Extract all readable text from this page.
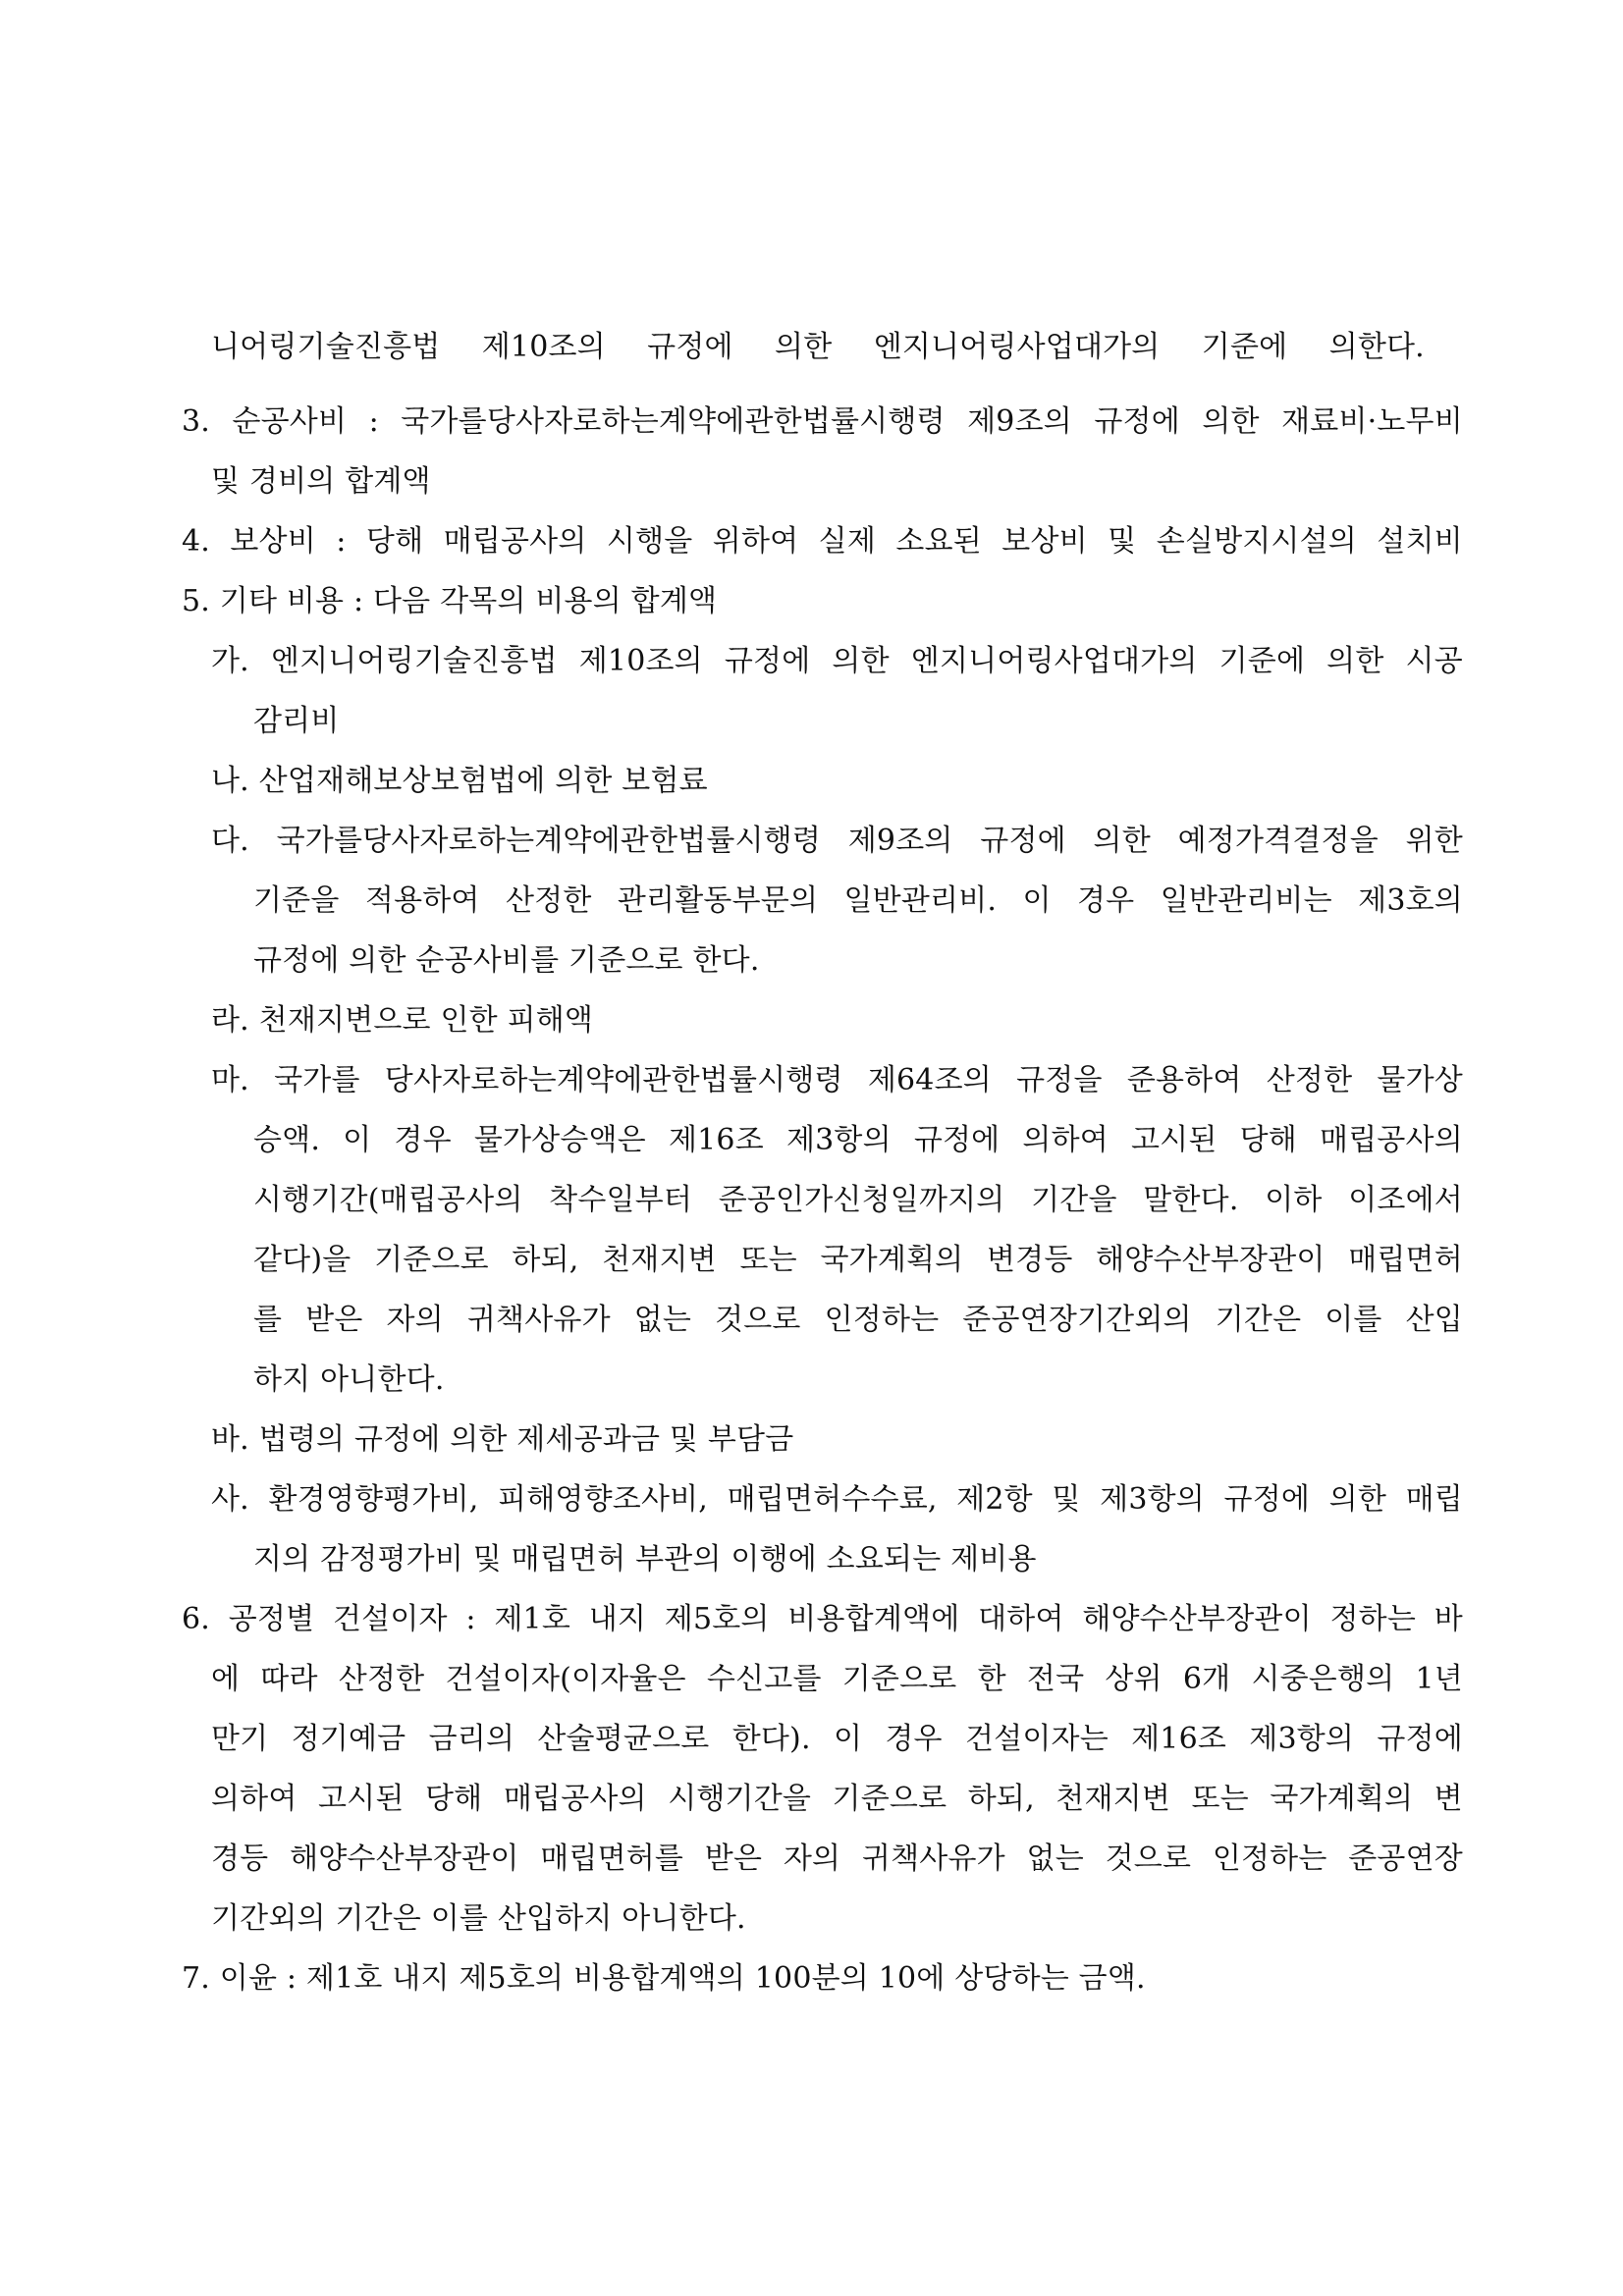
니어링기술진흥법 제10조의 규정에 의한 엔지니어링사업대가의 기준에 의한다.
3. 순공사비 : 국가를당사자로하는계약에관한법률시행령 제9조의 규정에 의한 재료비·노무비
및 경비의 합계액
4. 보상비 : 당해 매립공사의 시행을 위하여 실제 소요된 보상비 및 손실방지시설의 설치비
5. 기타 비용 : 다음 각목의 비용의 합계액
가. 엔지니어링기술진흥법 제10조의 규정에 의한 엔지니어링사업대가의 기준에 의한 시공
감리비
나. 산업재해보상보험법에 의한 보험료
다. 국가를당사자로하는계약에관한법률시행령 제9조의 규정에 의한 예정가격결정을 위한
기준을 적용하여 산정한 관리활동부문의 일반관리비. 이 경우 일반관리비는 제3호의
규정에 의한 순공사비를 기준으로 한다.
라. 천재지변으로 인한 피해액
마. 국가를 당사자로하는계약에관한법률시행령 제64조의 규정을 준용하여 산정한 물가상
승액. 이 경우 물가상승액은 제16조 제3항의 규정에 의하여 고시된 당해 매립공사의
시행기간(매립공사의 착수일부터 준공인가신청일까지의 기간을 말한다. 이하 이조에서
같다)을 기준으로 하되, 천재지변 또는 국가계획의 변경등 해양수산부장관이 매립면허
를 받은 자의 귀책사유가 없는 것으로 인정하는 준공연장기간외의 기간은 이를 산입
하지 아니한다.
바. 법령의 규정에 의한 제세공과금 및 부담금
사. 환경영향평가비, 피해영향조사비, 매립면허수수료, 제2항 및 제3항의 규정에 의한 매립
지의 감정평가비 및 매립면허 부관의 이행에 소요되는 제비용
6. 공정별 건설이자 : 제1호 내지 제5호의 비용합계액에 대하여 해양수산부장관이 정하는 바
에 따라 산정한 건설이자(이자율은 수신고를 기준으로 한 전국 상위 6개 시중은행의 1년
만기 정기예금 금리의 산술평균으로 한다). 이 경우 건설이자는 제16조 제3항의 규정에
의하여 고시된 당해 매립공사의 시행기간을 기준으로 하되, 천재지변 또는 국가계획의 변
경등 해양수산부장관이 매립면허를 받은 자의 귀책사유가 없는 것으로 인정하는 준공연장
기간외의 기간은 이를 산입하지 아니한다.
7. 이윤 : 제1호 내지 제5호의 비용합계액의 100분의 10에 상당하는 금액.
